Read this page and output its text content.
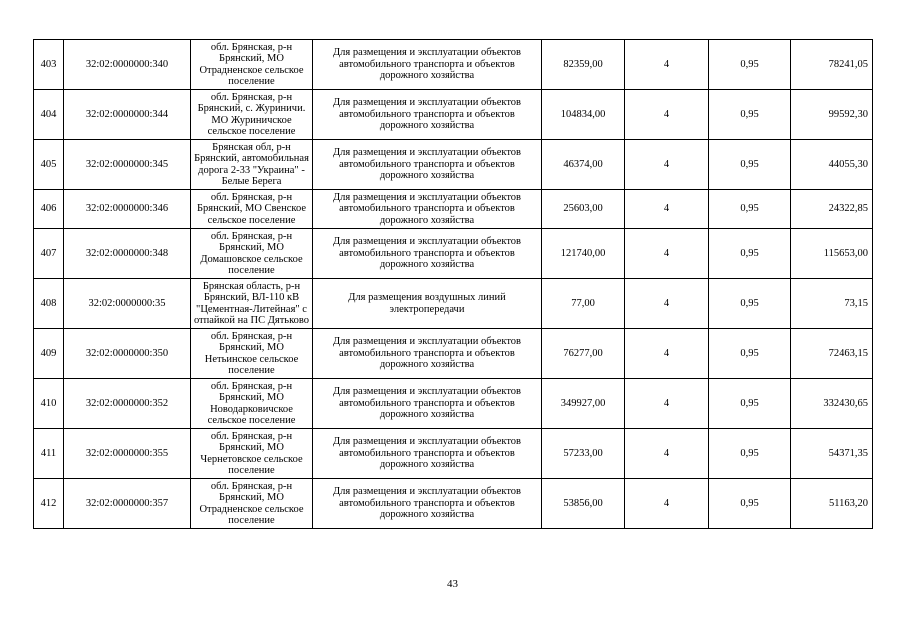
403	32:02:0000000:340	обл. Брянская, р-н Брянский, МО Отрадненское сельское поселение	Для размещения и эксплуатации объектов автомобильного транспорта и объектов дорожного хозяйства	82359,00	4	0,95	78241,05
404	32:02:0000000:344	обл. Брянская, р-н Брянский, с. Журиничи. МО Журиничское сельское поселение	Для размещения и эксплуатации объектов автомобильного транспорта и объектов дорожного хозяйства	104834,00	4	0,95	99592,30
405	32:02:0000000:345	Брянская обл, р-н Брянский, автомобильная дорога 2-33 "Украина" - Белые Берега	Для размещения и эксплуатации объектов автомобильного транспорта и объектов дорожного хозяйства	46374,00	4	0,95	44055,30
406	32:02:0000000:346	обл. Брянская, р-н Брянский, МО Свенское сельское поселение	Для размещения и эксплуатации объектов автомобильного транспорта и объектов дорожного хозяйства	25603,00	4	0,95	24322,85
407	32:02:0000000:348	обл. Брянская, р-н Брянский, МО Домашовское сельское поселение	Для размещения и эксплуатации объектов автомобильного транспорта и объектов дорожного хозяйства	121740,00	4	0,95	115653,00
408	32:02:0000000:35	Брянская область, р-н Брянский, ВЛ-110 кВ "Цементная-Литейная" с отпайкой на ПС Дятьково	Для размещения воздушных линий электропередачи	77,00	4	0,95	73,15
409	32:02:0000000:350	обл. Брянская, р-н Брянский, МО Нетьинское сельское поселение	Для размещения и эксплуатации объектов автомобильного транспорта и объектов дорожного хозяйства	76277,00	4	0,95	72463,15
410	32:02:0000000:352	обл. Брянская, р-н Брянский, МО Новодарковичское сельское поселение	Для размещения и эксплуатации объектов автомобильного транспорта и объектов дорожного хозяйства	349927,00	4	0,95	332430,65
411	32:02:0000000:355	обл. Брянская, р-н Брянский, МО Чернетовское сельское поселение	Для размещения и эксплуатации объектов автомобильного транспорта и объектов дорожного хозяйства	57233,00	4	0,95	54371,35
412	32:02:0000000:357	обл. Брянская, р-н Брянский, МО Отрадненское сельское поселение	Для размещения и эксплуатации объектов автомобильного транспорта и объектов дорожного хозяйства	53856,00	4	0,95	51163,20
43
